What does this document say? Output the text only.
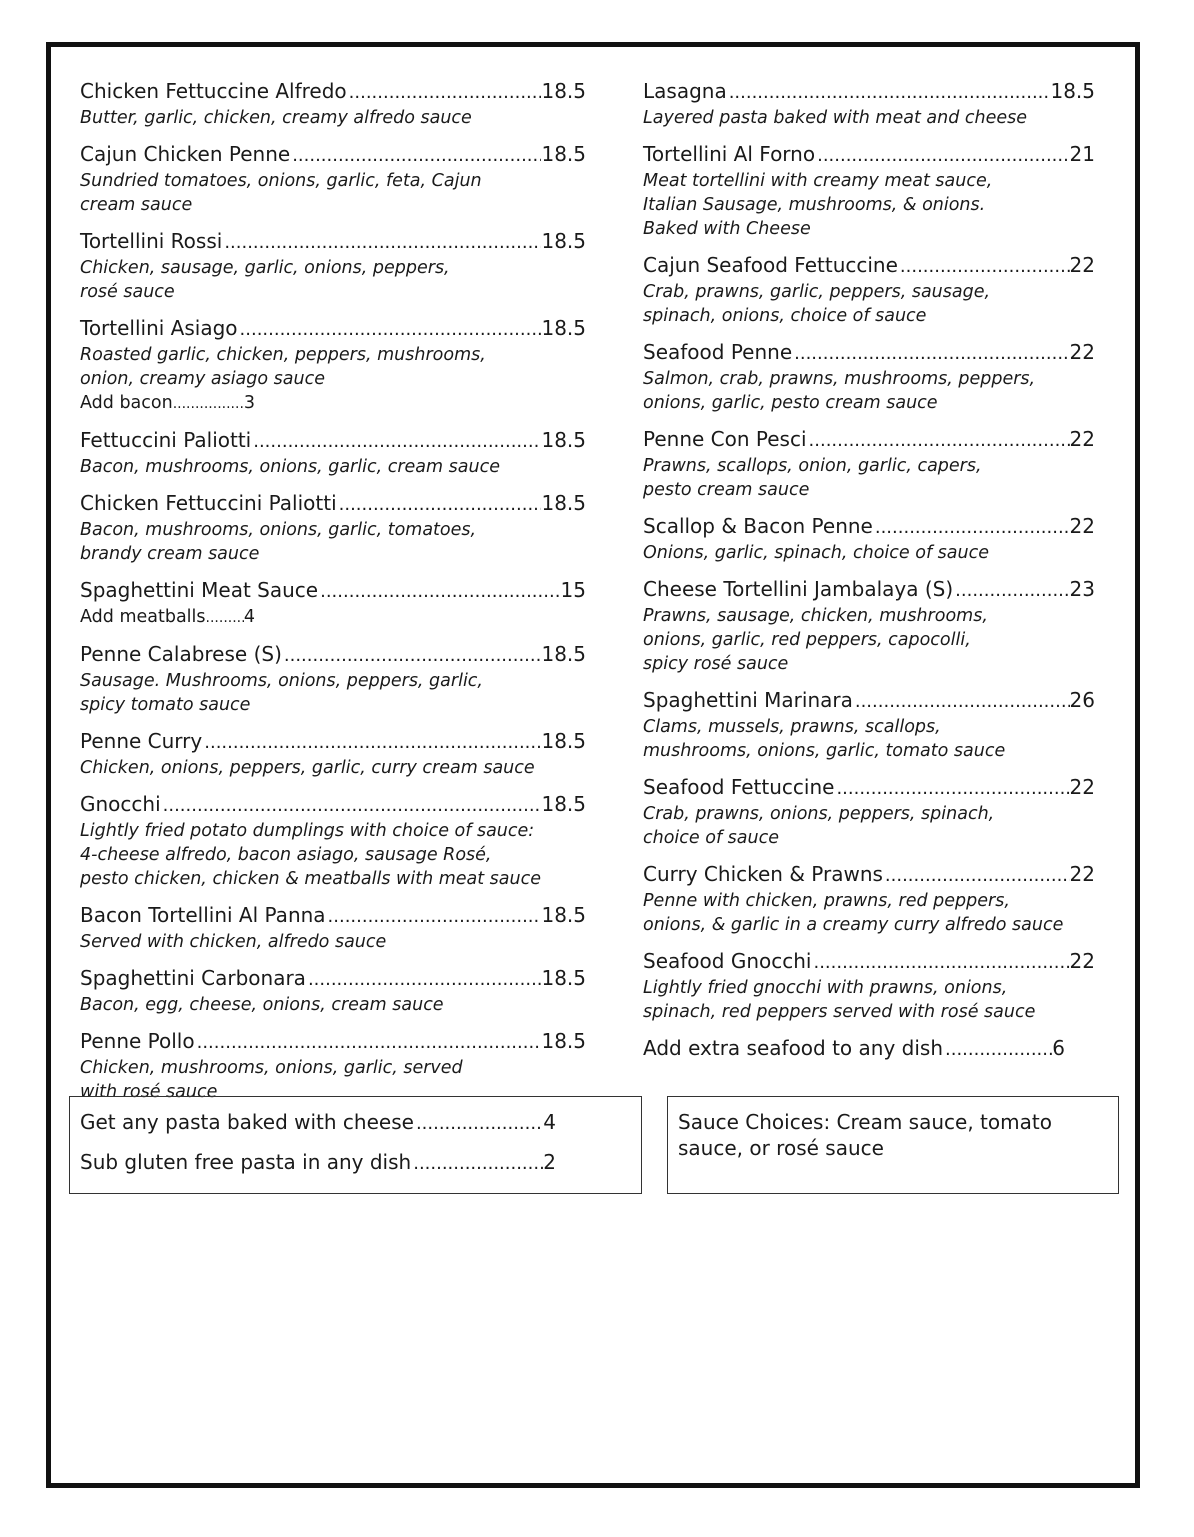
Chicken Fettuccine Alfredo .....	18.5
Butter, garlic, chicken, creamy alfredo sauce
Cajun Chicken Penne .....	18.5
Sundried tomatoes, onions, garlic, feta, Cajun
cream sauce
Tortellini Rossi .....	18.5
Chicken, sausage, garlic, onions, peppers,
rosé sauce
Tortellini Asiago .....	18.5
Roasted garlic, chicken, peppers, mushrooms,
onion, creamy asiago sauce
Add bacon .....	3
Fettuccini Paliotti .....	18.5
Bacon, mushrooms, onions, garlic, cream sauce
Chicken Fettuccini Paliotti .....	18.5
Bacon, mushrooms, onions, garlic, tomatoes,
brandy cream sauce
Spaghettini Meat Sauce .....	15
Add meatballs ..... 4
Penne Calabrese (S) .....	18.5
Sausage. Mushrooms, onions, peppers, garlic,
spicy tomato sauce
Penne Curry .....	18.5
Chicken, onions, peppers, garlic, curry cream sauce
Gnocchi .....	18.5
Lightly fried potato dumplings with choice of sauce:
4-cheese alfredo, bacon asiago, sausage Rosé,
pesto chicken, chicken & meatballs with meat sauce
Bacon Tortellini Al Panna .....	18.5
Served with chicken, alfredo sauce
Spaghettini Carbonara .....	18.5
Bacon, egg, cheese, onions, cream sauce
Penne Pollo .....	18.5
Chicken, mushrooms, onions, garlic, served
with rosé sauce
Lasagna .....	18.5
Layered pasta baked with meat and cheese
Tortellini Al Forno .....	21
Meat tortellini with creamy meat sauce,
Italian Sausage, mushrooms, & onions.
Baked with Cheese
Cajun Seafood Fettuccine .....	22
Crab, prawns, garlic, peppers, sausage,
spinach, onions, choice of sauce
Seafood Penne .....	22
Salmon, crab, prawns, mushrooms, peppers,
onions, garlic, pesto cream sauce
Penne Con Pesci .....	22
Prawns, scallops, onion, garlic, capers,
pesto cream sauce
Scallop & Bacon Penne .....	22
Onions, garlic, spinach, choice of sauce
Cheese Tortellini Jambalaya (S) .....	23
Prawns, sausage, chicken, mushrooms,
onions, garlic, red peppers, capocolli,
spicy rosé sauce
Spaghettini Marinara .....	26
Clams, mussels, prawns, scallops,
mushrooms, onions, garlic, tomato sauce
Seafood Fettuccine .....	22
Crab, prawns, onions, peppers, spinach,
choice of sauce
Curry Chicken & Prawns .....	22
Penne with chicken, prawns, red peppers,
onions, & garlic in a creamy curry alfredo sauce
Seafood Gnocchi .....	22
Lightly fried gnocchi with prawns, onions,
spinach, red peppers served with rosé sauce
Add extra seafood to any dish .....	6
Get any pasta baked with cheese .....	4
Sub gluten free pasta in any dish .....	2
Sauce Choices: Cream sauce, tomato sauce, or rosé sauce
